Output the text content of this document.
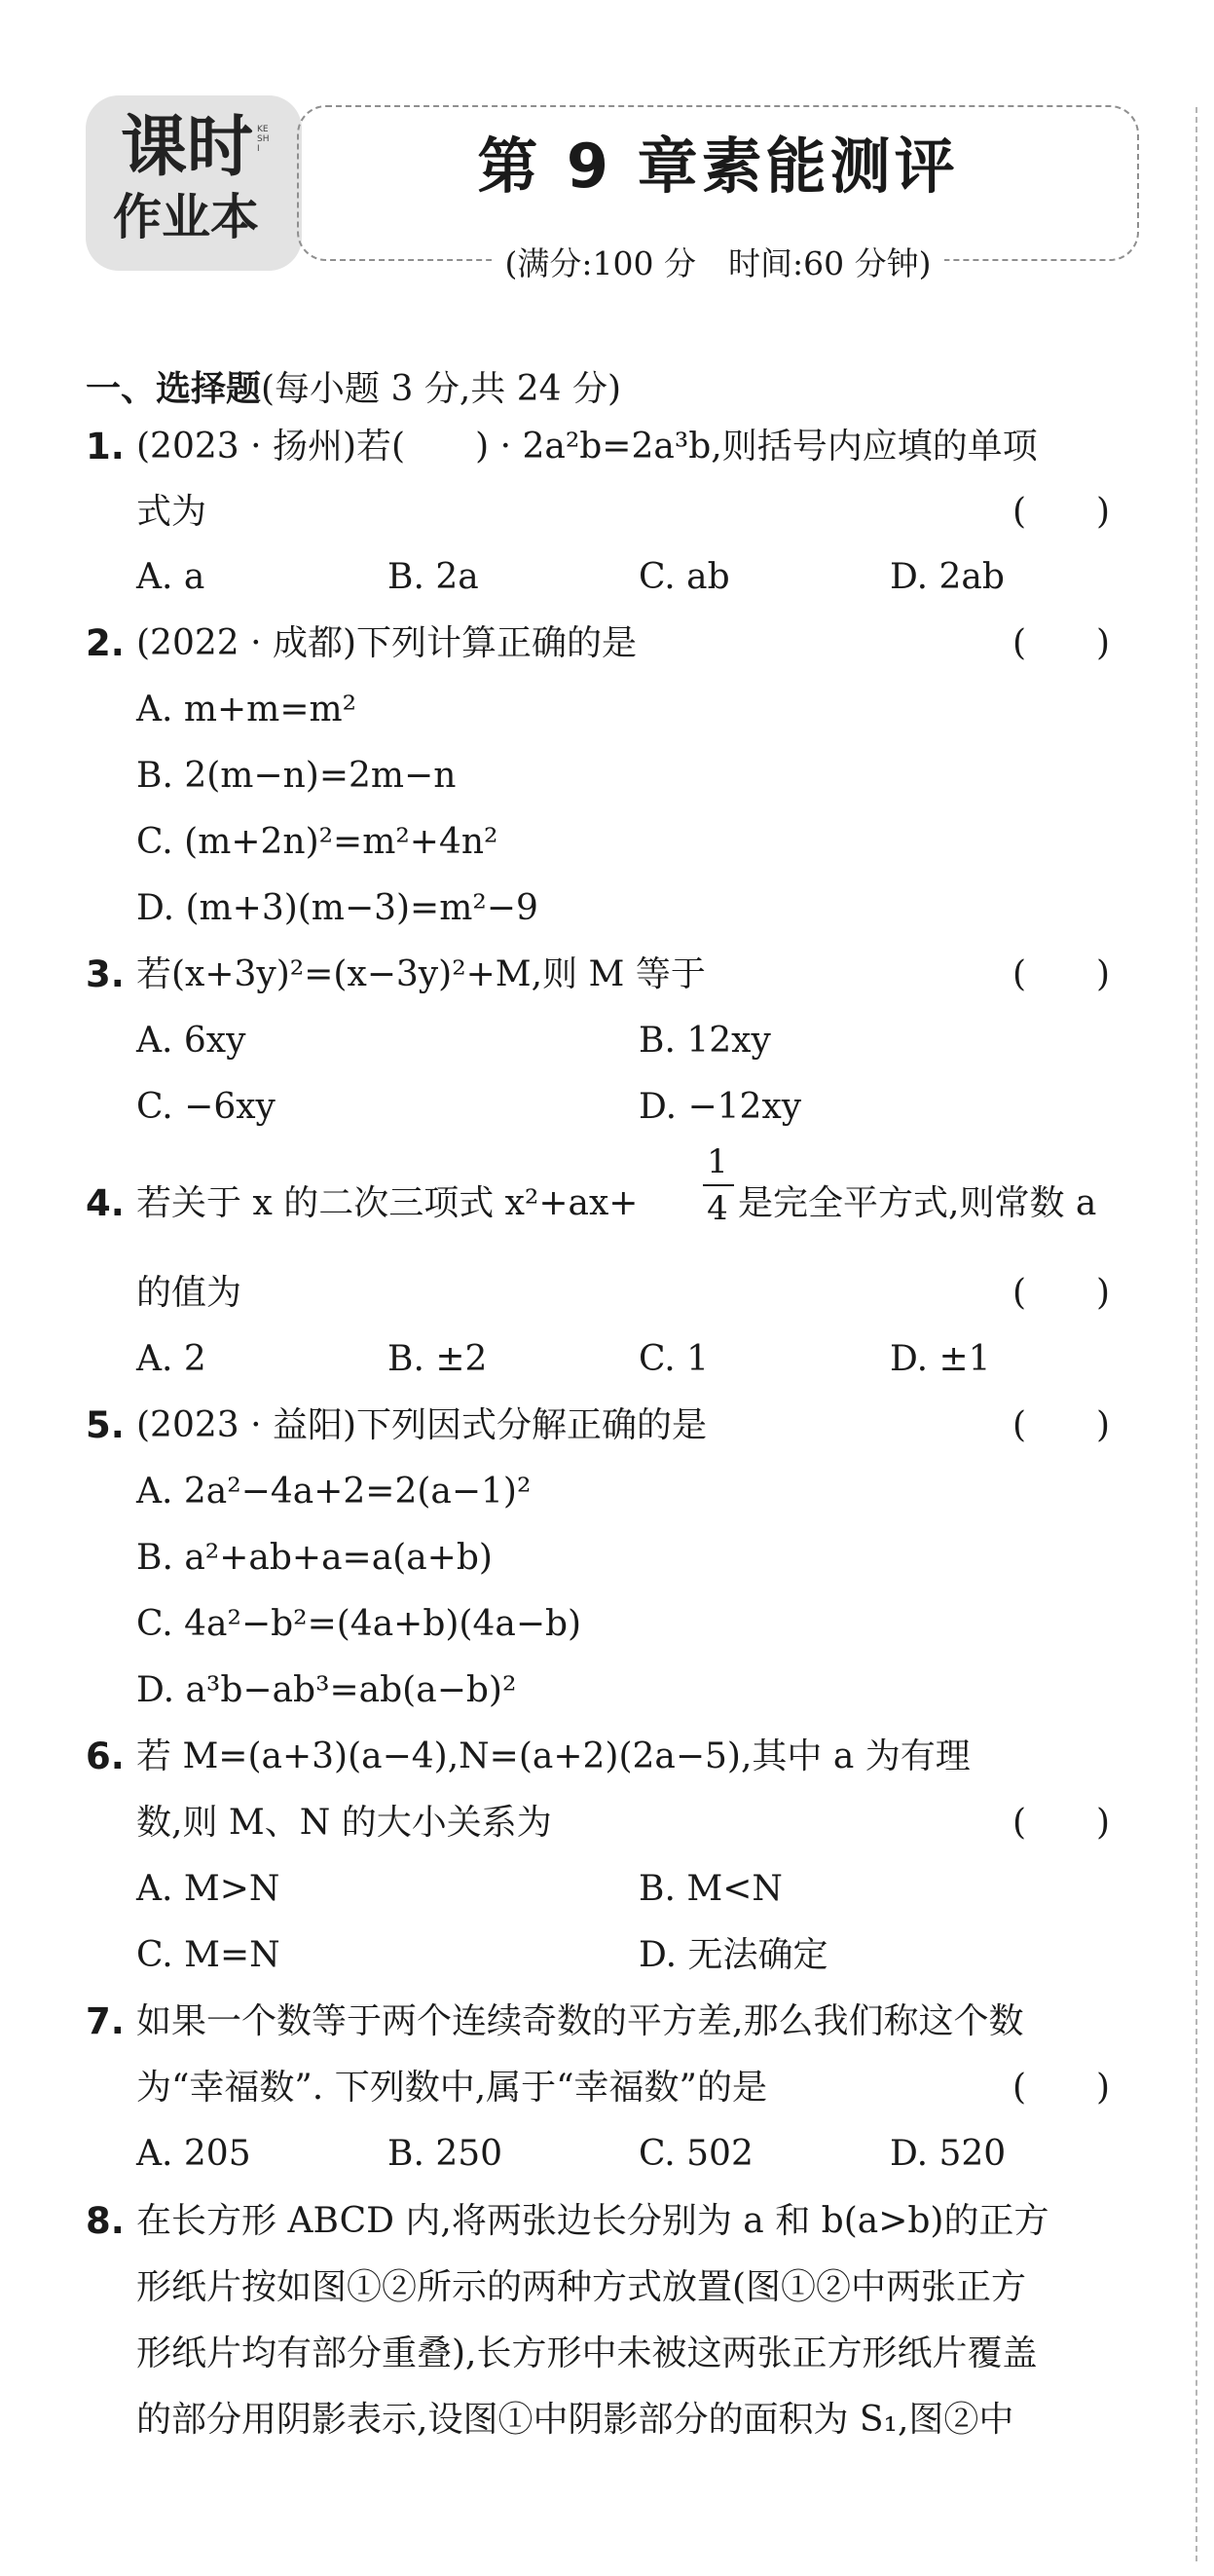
课时 KESHI
作业本
第 9 章素能测评
(满分:100 分　时间:60 分钟)
一、选择题(每小题 3 分,共 24 分)
1. (2023 · 扬州)若(　　) · 2a²b=2a³b,则括号内应填的单项
式为	(　　)
A. a	B. 2a	C. ab	D. 2ab
2. (2022 · 成都)下列计算正确的是	(　　)
A. m+m=m²
B. 2(m−n)=2m−n
C. (m+2n)²=m²+4n²
D. (m+3)(m−3)=m²−9
3. 若(x+3y)²=(x−3y)²+M,则 M 等于	(　　)
A. 6xy	B. 12xy
C. −6xy	D. −12xy
4. 若关于 x 的二次三项式 x²+ax+
1
4 是完全平方式,则常数 a
的值为	(　　)
A. 2	B. ±2	C. 1	D. ±1
5. (2023 · 益阳)下列因式分解正确的是	(　　)
A. 2a²−4a+2=2(a−1)²
B. a²+ab+a=a(a+b)
C. 4a²−b²=(4a+b)(4a−b)
D. a³b−ab³=ab(a−b)²
6. 若 M=(a+3)(a−4),N=(a+2)(2a−5),其中 a 为有理
数,则 M、N 的大小关系为	(　　)
A. M>N	B. M<N
C. M=N	D. 无法确定
7. 如果一个数等于两个连续奇数的平方差,那么我们称这个数
为“幸福数”. 下列数中,属于“幸福数”的是	(　　)
A. 205	B. 250	C. 502	D. 520
8. 在长方形 ABCD 内,将两张边长分别为 a 和 b(a>b)的正方
形纸片按如图①②所示的两种方式放置(图①②中两张正方
形纸片均有部分重叠),长方形中未被这两张正方形纸片覆盖
的部分用阴影表示,设图①中阴影部分的面积为 S₁,图②中
